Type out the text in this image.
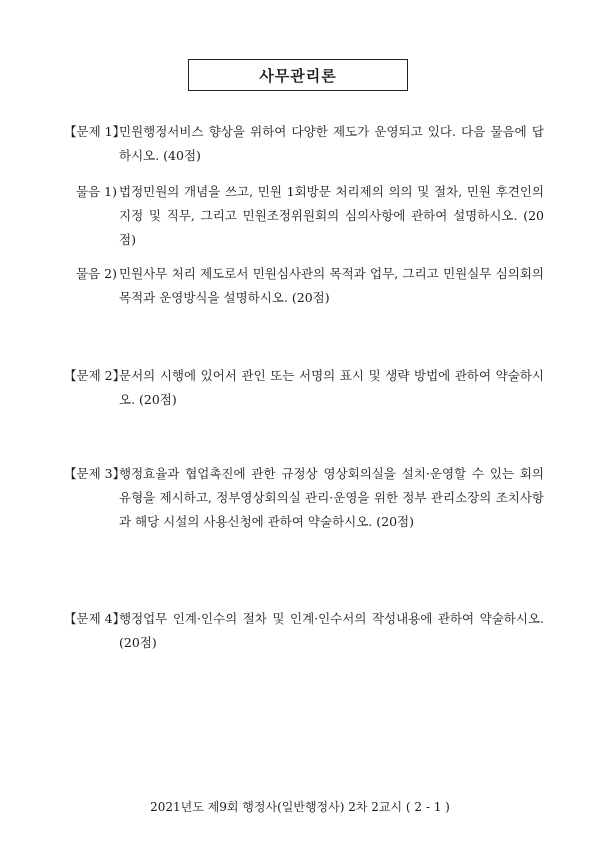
사무관리론
【문제 1】
민원행정서비스 향상을 위하여 다양한 제도가 운영되고 있다. 다음 물음에 답하시오. (40점)
물음 1) 법정민원의 개념을 쓰고, 민원 1회방문 처리제의 의의 및 절차, 민원 후견인의 지정 및 직무, 그리고 민원조정위원회의 심의사항에 관하여 설명하시오. (20점)
물음 2) 민원사무 처리 제도로서 민원심사관의 목적과 업무, 그리고 민원실무 심의회의 목적과 운영방식을 설명하시오. (20점)
【문제 2】
문서의 시행에 있어서 관인 또는 서명의 표시 및 생략 방법에 관하여 약술하시오. (20점)
【문제 3】
행정효율과 협업촉진에 관한 규정상 영상회의실을 설치·운영할 수 있는 회의 유형을 제시하고, 정부영상회의실 관리·운영을 위한 정부 관리소장의 조치사항과 해당 시설의 사용신청에 관하여 약술하시오. (20점)
【문제 4】
행정업무 인계·인수의 절차 및 인계·인수서의 작성내용에 관하여 약술하시오. (20점)
2021년도 제9회 행정사(일반행정사) 2차 2교시 ( 2 - 1 )
